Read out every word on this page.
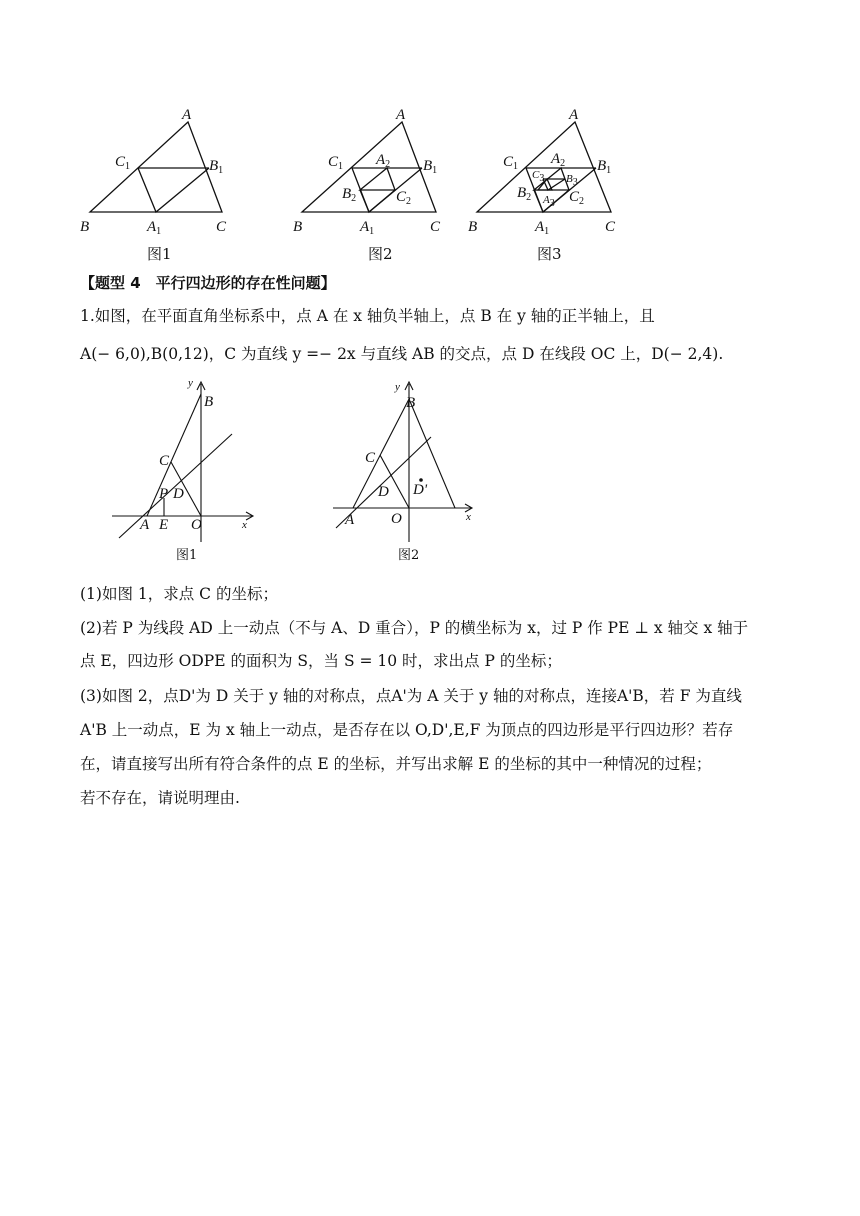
A
$C_1$	$B_1$
B	$A_1$	C
图1
A
$C_1$ $A_2$ $B_1$
$B_2$	$C_2$
B	$A_1$	C
图2
A
$C_1$ $A_2$ $B_1$
C3 B3
$B_2$ A3 $C_2$
B	$A_1$	C
图3
【题型 4　平行四边形的存在性问题】
1.如图，在平面直角坐标系中，点 A 在 x 轴负半轴上，点 B 在 y 轴的正半轴上，且
A(− 6,0),B(0,12)，C 为直线 y =− 2x 与直线 AB 的交点，点 D 在线段 OC 上，D(− 2,4).
y
B
C
P D
A E O	x
图1
y
B
C
D D'
A O	x
图2
(1)如图 1，求点 C 的坐标；
(2)若 P 为线段 AD 上一动点（不与 A、D 重合），P 的横坐标为 x，过 P 作 PE ⊥ x 轴交 x 轴于
点 E，四边形 ODPE 的面积为 S，当 S = 10 时，求出点 P 的坐标；
(3)如图 2，点D'为 D 关于 y 轴的对称点，点A'为 A 关于 y 轴的对称点，连接A'B，若 F 为直线
A'B 上一动点，E 为 x 轴上一动点，是否存在以 O,D',E,F 为顶点的四边形是平行四边形？若存
在，请直接写出所有符合条件的点 E 的坐标，并写出求解 E 的坐标的其中一种情况的过程；
若不存在，请说明理由.
